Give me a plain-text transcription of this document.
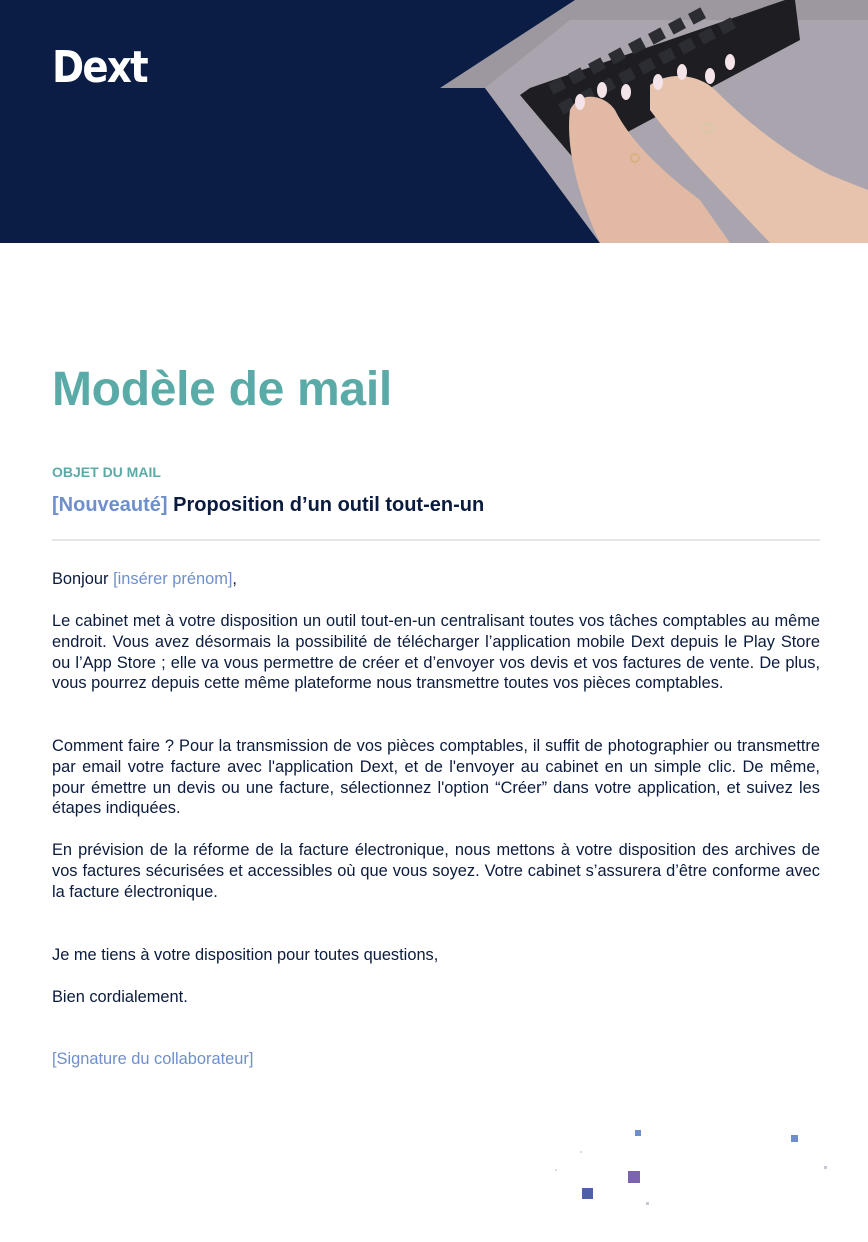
Dext
Modèle de mail
OBJET DU MAIL
[Nouveauté] Proposition d’un outil tout-en-un
Bonjour [insérer prénom],

Le cabinet met à votre disposition un outil tout-en-un centralisant toutes vos tâches comptables au même endroit. Vous avez désormais la possibilité de télécharger l’application mobile Dext depuis le Play Store ou l’App Store ; elle va vous permettre de créer et d’envoyer vos devis et vos factures de vente. De plus, vous pourrez depuis cette même plateforme nous transmettre toutes vos pièces comptables.

Comment faire ? Pour la transmission de vos pièces comptables, il suffit de photographier ou transmettre par email votre facture avec l'application Dext, et de l'envoyer au cabinet en un simple clic. De même, pour émettre un devis ou une facture, sélectionnez l'option “Créer” dans votre application, et suivez les étapes indiquées.

En prévision de la réforme de la facture électronique, nous mettons à votre disposition des archives de vos factures sécurisées et accessibles où que vous soyez. Votre cabinet s’assurera d’être conforme avec la facture électronique.

Je me tiens à votre disposition pour toutes questions,

Bien cordialement.

[Signature du collaborateur]
